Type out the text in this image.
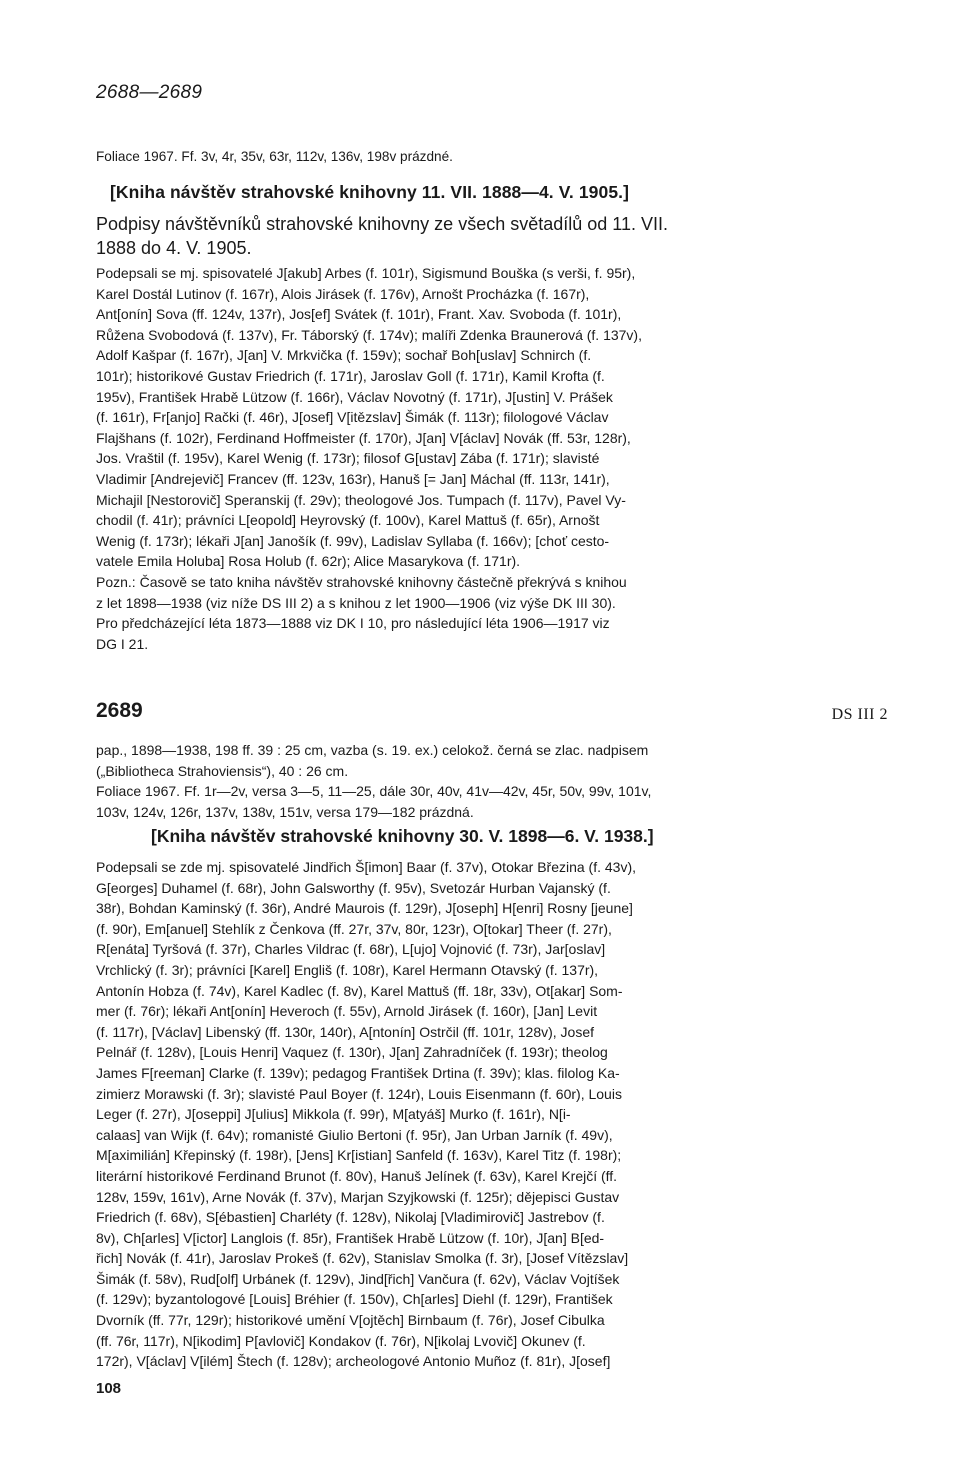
2688—2689
Foliace 1967. Ff. 3v, 4r, 35v, 63r, 112v, 136v, 198v prázdné.
[Kniha návštěv strahovské knihovny 11. VII. 1888—4. V. 1905.]
Podpisy návštěvníků strahovské knihovny ze všech světadílů od 11. VII.
1888 do 4. V. 1905.
Podepsali se mj. spisovatelé J[akub] Arbes (f. 101r), Sigismund Bouška (s verši, f. 95r),
Karel Dostál Lutinov (f. 167r), Alois Jirásek (f. 176v), Arnošt Procházka (f. 167r),
Ant[onín] Sova (ff. 124v, 137r), Jos[ef] Svátek (f. 101r), Frant. Xav. Svoboda (f. 101r),
Růžena Svobodová (f. 137v), Fr. Táborský (f. 174v); malíři Zdenka Braunerová (f. 137v),
Adolf Kašpar (f. 167r), J[an] V. Mrkvička (f. 159v); sochař Boh[uslav] Schnirch (f.
101r); historikové Gustav Friedrich (f. 171r), Jaroslav Goll (f. 171r), Kamil Krofta (f.
195v), František Hrabě Lützow (f. 166r), Václav Novotný (f. 171r), J[ustin] V. Prášek
(f. 161r), Fr[anjo] Rački (f. 46r), J[osef] V[itězslav] Šimák (f. 113r); filologové Václav
Flajšhans (f. 102r), Ferdinand Hoffmeister (f. 170r), J[an] V[áclav] Novák (ff. 53r, 128r),
Jos. Vraštil (f. 195v), Karel Wenig (f. 173r); filosof G[ustav] Zába (f. 171r); slavisté
Vladimir [Andrejevič] Francev (ff. 123v, 163r), Hanuš [= Jan] Máchal (ff. 113r, 141r),
Michajil [Nestorovič] Speranskij (f. 29v); theologové Jos. Tumpach (f. 117v), Pavel Vy-
chodil (f. 41r); právníci L[eopold] Heyrovský (f. 100v), Karel Mattuš (f. 65r), Arnošt
Wenig (f. 173r); lékaři J[an] Janošík (f. 99v), Ladislav Syllaba (f. 166v); [choť cesto-
vatele Emila Holuba] Rosa Holub (f. 62r); Alice Masarykova (f. 171r).
Pozn.: Časově se tato kniha návštěv strahovské knihovny částečně překrývá s knihou
z let 1898—1938 (viz níže DS III 2) a s knihou z let 1900—1906 (viz výše DK III 30).
Pro předcházející léta 1873—1888 viz DK I 10, pro následující léta 1906—1917 viz
DG I 21.
2689	DS III 2
pap., 1898—1938, 198 ff. 39 : 25 cm, vazba (s. 19. ex.) celokož. černá se zlac. nadpisem
(„Bibliotheca Strahoviensis“), 40 : 26 cm.
Foliace 1967. Ff. 1r—2v, versa 3—5, 11—25, dále 30r, 40v, 41v—42v, 45r, 50v, 99v, 101v,
103v, 124v, 126r, 137v, 138v, 151v, versa 179—182 prázdná.
[Kniha návštěv strahovské knihovny 30. V. 1898—6. V. 1938.]
Podepsali se zde mj. spisovatelé Jindřich Š[imon] Baar (f. 37v), Otokar Březina (f. 43v),
G[eorges] Duhamel (f. 68r), John Galsworthy (f. 95v), Svetozár Hurban Vajanský (f.
38r), Bohdan Kaminský (f. 36r), André Maurois (f. 129r), J[oseph] H[enri] Rosny [jeune]
(f. 90r), Em[anuel] Stehlík z Čenkova (ff. 27r, 37v, 80r, 123r), O[tokar] Theer (f. 27r),
R[enáta] Tyršová (f. 37r), Charles Vildrac (f. 68r), L[ujo] Vojnović (f. 73r), Jar[oslav]
Vrchlický (f. 3r); právníci [Karel] Engliš (f. 108r), Karel Hermann Otavský (f. 137r),
Antonín Hobza (f. 74v), Karel Kadlec (f. 8v), Karel Mattuš (ff. 18r, 33v), Ot[akar] Som-
mer (f. 76r); lékaři Ant[onín] Heveroch (f. 55v), Arnold Jirásek (f. 160r), [Jan] Levit
(f. 117r), [Václav] Libenský (ff. 130r, 140r), A[ntonín] Ostrčil (ff. 101r, 128v), Josef
Pelnář (f. 128v), [Louis Henri] Vaquez (f. 130r), J[an] Zahradníček (f. 193r); theolog
James F[reeman] Clarke (f. 139v); pedagog František Drtina (f. 39v); klas. filolog Ka-
zimierz Morawski (f. 3r); slavisté Paul Boyer (f. 124r), Louis Eisenmann (f. 60r), Louis
Leger (f. 27r), J[oseppi] J[ulius] Mikkola (f. 99r), M[atyáš] Murko (f. 161r), N[i-
calaas] van Wijk (f. 64v); romanisté Giulio Bertoni (f. 95r), Jan Urban Jarník (f. 49v),
M[aximilián] Křepinský (f. 198r), [Jens] Kr[istian] Sanfeld (f. 163v), Karel Titz (f. 198r);
literární historikové Ferdinand Brunot (f. 80v), Hanuš Jelínek (f. 63v), Karel Krejčí (ff.
128v, 159v, 161v), Arne Novák (f. 37v), Marjan Szyjkowski (f. 125r); dějepisci Gustav
Friedrich (f. 68v), S[ébastien] Charléty (f. 128v), Nikolaj [Vladimirovič] Jastrebov (f.
8v), Ch[arles] V[ictor] Langlois (f. 85r), František Hrabě Lützow (f. 10r), J[an] B[ed-
řich] Novák (f. 41r), Jaroslav Prokeš (f. 62v), Stanislav Smolka (f. 3r), [Josef Vítězslav]
Šimák (f. 58v), Rud[olf] Urbánek (f. 129v), Jind[řich] Vančura (f. 62v), Václav Vojtíšek
(f. 129v); byzantologové [Louis] Bréhier (f. 150v), Ch[arles] Diehl (f. 129r), František
Dvorník (ff. 77r, 129r); historikové umění V[ojtěch] Birnbaum (f. 76r), Josef Cibulka
(ff. 76r, 117r), N[ikodim] P[avlovič] Kondakov (f. 76r), N[ikolaj Lvovič] Okunev (f.
172r), V[áclav] V[ilém] Štech (f. 128v); archeologové Antonio Muñoz (f. 81r), J[osef]
108
